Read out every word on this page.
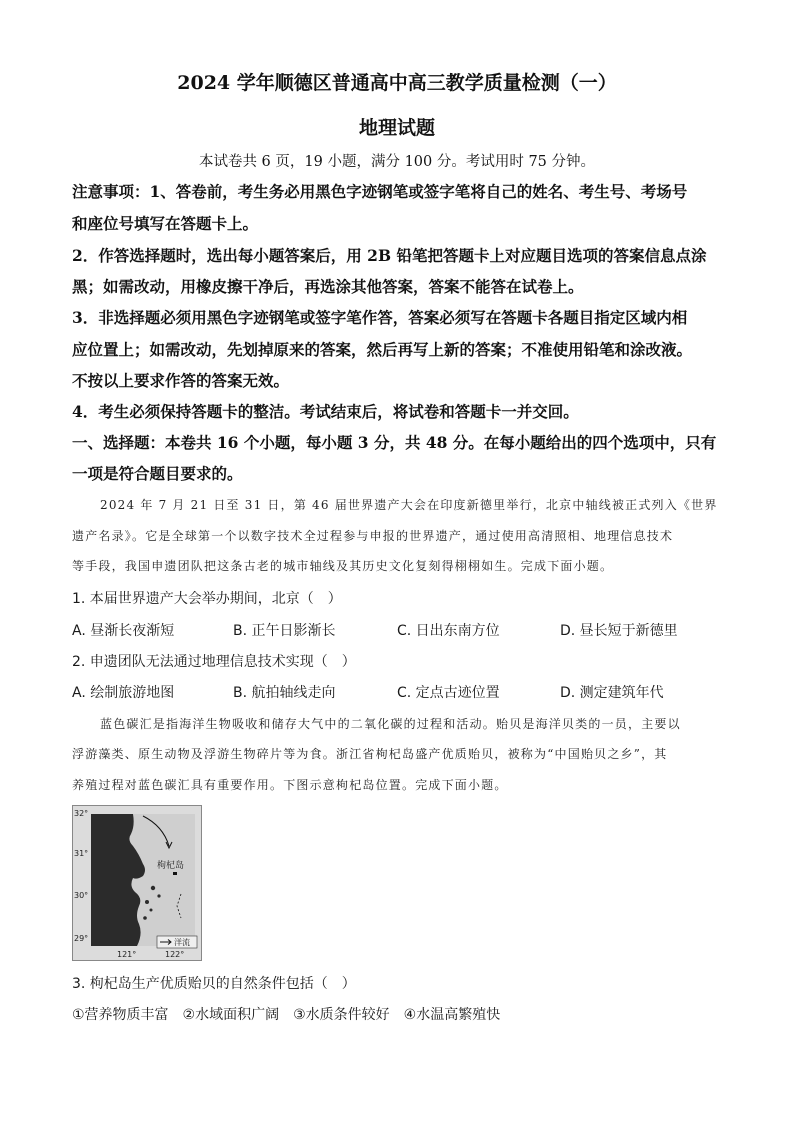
2024 学年顺德区普通高中高三教学质量检测（一）
地理试题
本试卷共 6 页，19 小题，满分 100 分。考试用时 75 分钟。
注意事项：1、答卷前，考生务必用黑色字迹钢笔或签字笔将自己的姓名、考生号、考场号
和座位号填写在答题卡上。
2．作答选择题时，选出每小题答案后，用 2B 铅笔把答题卡上对应题目选项的答案信息点涂
黑；如需改动，用橡皮擦干净后，再选涂其他答案，答案不能答在试卷上。
3．非选择题必须用黑色字迹钢笔或签字笔作答，答案必须写在答题卡各题目指定区域内相
应位置上；如需改动，先划掉原来的答案，然后再写上新的答案；不准使用铅笔和涂改液。
不按以上要求作答的答案无效。
4．考生必须保持答题卡的整洁。考试结束后，将试卷和答题卡一并交回。
一、选择题：本卷共 16 个小题，每小题 3 分，共 48 分。在每小题给出的四个选项中，只有
一项是符合题目要求的。
2024 年 7 月 21 日至 31 日，第 46 届世界遗产大会在印度新德里举行，北京中轴线被正式列入《世界
遗产名录》。它是全球第一个以数字技术全过程参与申报的世界遗产，通过使用高清照相、地理信息技术
等手段，我国申遗团队把这条古老的城市轴线及其历史文化复刻得栩栩如生。完成下面小题。
1. 本届世界遗产大会举办期间，北京（　）
A. 昼渐长夜渐短	B. 正午日影渐长	C. 日出东南方位	D. 昼长短于新德里
2. 申遗团队无法通过地理信息技术实现（　）
A. 绘制旅游地图	B. 航拍轴线走向	C. 定点古迹位置	D. 测定建筑年代
蓝色碳汇是指海洋生物吸收和储存大气中的二氧化碳的过程和活动。贻贝是海洋贝类的一员，主要以
浮游藻类、原生动物及浮游生物碎片等为食。浙江省枸杞岛盛产优质贻贝，被称为“中国贻贝之乡”，其
养殖过程对蓝色碳汇具有重要作用。下图示意枸杞岛位置。完成下面小题。
32°
31°
30°
29°
121°	122°
枸杞岛
洋流
3. 枸杞岛生产优质贻贝的自然条件包括（　）
①营养物质丰富　②水域面积广阔　③水质条件较好　④水温高繁殖快
